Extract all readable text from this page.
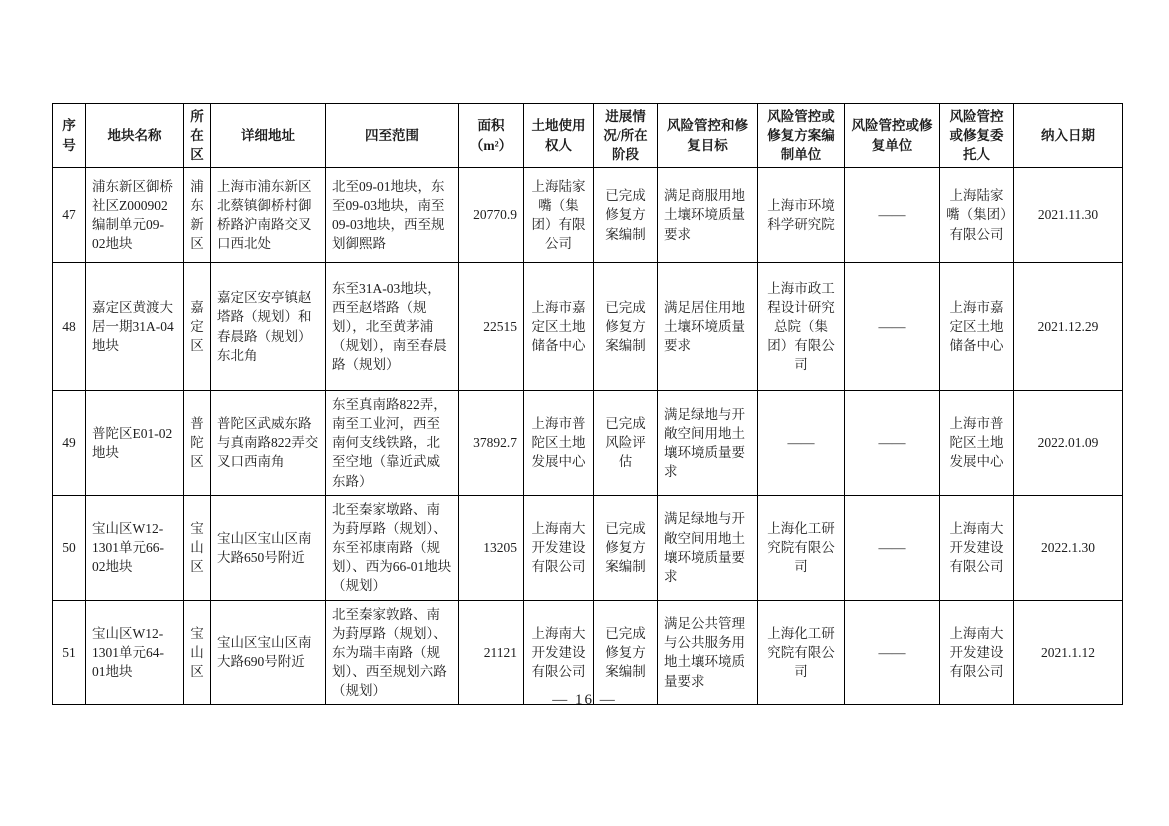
序号	地块名称	所在区	详细地址	四至范围	面积（m²）	土地使用权人	进展情况/所在阶段	风险管控和修复目标	风险管控或修复方案编制单位	风险管控或修复单位	风险管控或修复委托人	纳入日期
47	浦东新区御桥社区Z000902编制单元09-02地块	浦东新区	上海市浦东新区北蔡镇御桥村御桥路沪南路交叉口西北处	北至09-01地块，东至09-03地块，南至09-03地块，西至规划御熙路	20770.9	上海陆家嘴（集团）有限公司	已完成修复方案编制	满足商服用地土壤环境质量要求	上海市环境科学研究院	——	上海陆家嘴（集团）有限公司	2021.11.30
48	嘉定区黄渡大居一期31A-04地块	嘉定区	嘉定区安亭镇赵塔路（规划）和春晨路（规划）东北角	东至31A-03地块，西至赵塔路（规划），北至黄茅浦（规划），南至春晨路（规划）	22515	上海市嘉定区土地储备中心	已完成修复方案编制	满足居住用地土壤环境质量要求	上海市政工程设计研究总院（集团）有限公司	——	上海市嘉定区土地储备中心	2021.12.29
49	普陀区E01-02地块	普陀区	普陀区武威东路与真南路822弄交叉口西南角	东至真南路822弄，南至工业河，西至南何支线铁路，北至空地（靠近武威东路）	37892.7	上海市普陀区土地发展中心	已完成风险评估	满足绿地与开敞空间用地土壤环境质量要求	——	——	上海市普陀区土地发展中心	2022.01.09
50	宝山区W12-1301单元66-02地块	宝山区	宝山区宝山区南大路650号附近	北至秦家墩路、南为葑厚路（规划）、东至祁康南路（规划）、西为66-01地块（规划）	13205	上海南大开发建设有限公司	已完成修复方案编制	满足绿地与开敞空间用地土壤环境质量要求	上海化工研究院有限公司	——	上海南大开发建设有限公司	2022.1.30
51	宝山区W12-1301单元64-01地块	宝山区	宝山区宝山区南大路690号附近	北至秦家敦路、南为葑厚路（规划）、东为瑞丰南路（规划）、西至规划六路（规划）	21121	上海南大开发建设有限公司	已完成修复方案编制	满足公共管理与公共服务用地土壤环境质量要求	上海化工研究院有限公司	——	上海南大开发建设有限公司	2021.1.12
— 16 —
